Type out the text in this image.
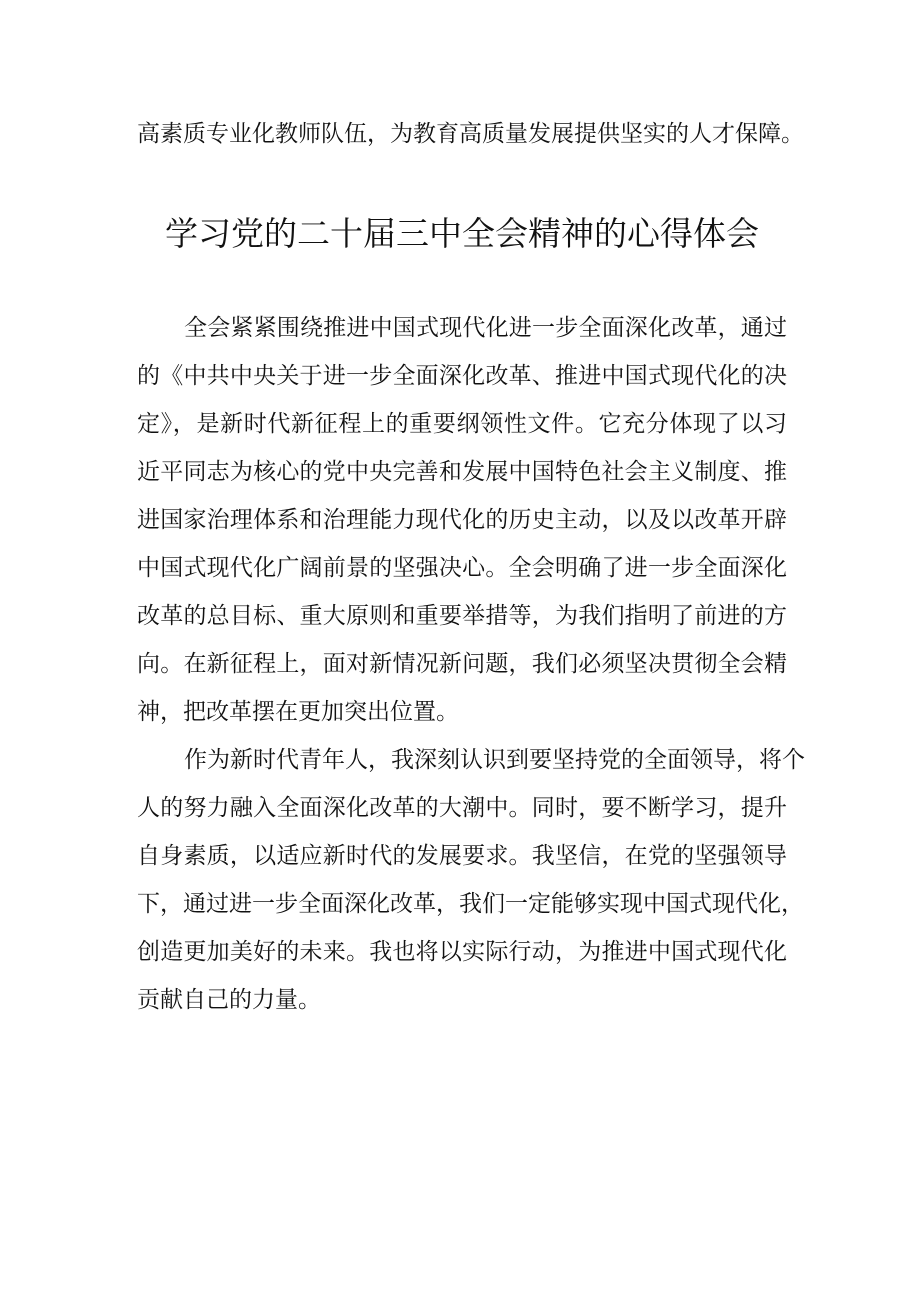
高素质专业化教师队伍，为教育高质量发展提供坚实的人才保障。
学习党的二十届三中全会精神的心得体会
全会紧紧围绕推进中国式现代化进一步全面深化改革，通过
的《中共中央关于进一步全面深化改革、推进中国式现代化的决
定》，是新时代新征程上的重要纲领性文件。它充分体现了以习
近平同志为核心的党中央完善和发展中国特色社会主义制度、推
进国家治理体系和治理能力现代化的历史主动，以及以改革开辟
中国式现代化广阔前景的坚强决心。全会明确了进一步全面深化
改革的总目标、重大原则和重要举措等，为我们指明了前进的方
向。在新征程上，面对新情况新问题，我们必须坚决贯彻全会精
神，把改革摆在更加突出位置。
作为新时代青年人，我深刻认识到要坚持党的全面领导，将个
人的努力融入全面深化改革的大潮中。同时，要不断学习，提升
自身素质，以适应新时代的发展要求。我坚信，在党的坚强领导
下，通过进一步全面深化改革，我们一定能够实现中国式现代化，
创造更加美好的未来。我也将以实际行动，为推进中国式现代化
贡献自己的力量。
